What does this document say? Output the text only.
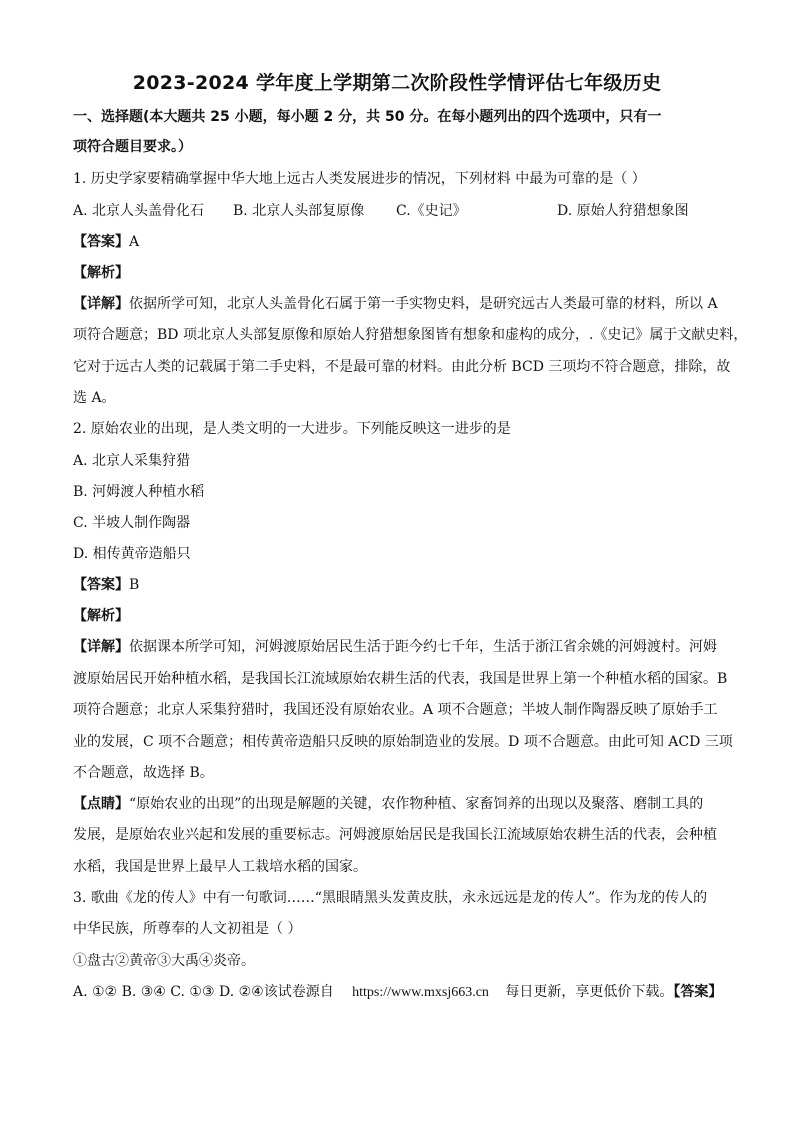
2023-2024 学年度上学期第二次阶段性学情评估七年级历史
一、选择题(本大题共 25 小题，每小题 2 分，共 50 分。在每小题列出的四个选项中，只有一
项符合题目要求。）
1. 历史学家要精确掌握中华大地上远古人类发展进步的情况，下列材料 中最为可靠的是（ ）
A. 北京人头盖骨化石 B. 北京人头部复原像 C.《史记》	D. 原始人狩猎想象图
【答案】A
【解析】
【详解】依据所学可知，北京人头盖骨化石属于第一手实物史料，是研究远古人类最可靠的材料，所以 A
项符合题意；BD 项北京人头部复原像和原始人狩猎想象图皆有想象和虚构的成分，.《史记》属于文献史料，
它对于远古人类的记载属于第二手史料，不是最可靠的材料。由此分析 BCD 三项均不符合题意，排除，故
选 A。
2. 原始农业的出现，是人类文明的一大进步。下列能反映这一进步的是
A. 北京人采集狩猎
B. 河姆渡人种植水稻
C. 半坡人制作陶器
D. 相传黄帝造船只
【答案】B
【解析】
【详解】依据课本所学可知，河姆渡原始居民生活于距今约七千年，生活于浙江省余姚的河姆渡村。河姆
渡原始居民开始种植水稻，是我国长江流域原始农耕生活的代表，我国是世界上第一个种植水稻的国家。B
项符合题意；北京人采集狩猎时，我国还没有原始农业。A 项不合题意；半坡人制作陶器反映了原始手工
业的发展，C 项不合题意；相传黄帝造船只反映的原始制造业的发展。D 项不合题意。由此可知 ACD 三项
不合题意，故选择 B。
【点睛】“原始农业的出现”的出现是解题的关键，农作物种植、家畜饲养的出现以及聚落、磨制工具的
发展，是原始农业兴起和发展的重要标志。河姆渡原始居民是我国长江流域原始农耕生活的代表，会种植
水稻，我国是世界上最早人工栽培水稻的国家。
3. 歌曲《龙的传人》中有一句歌词……“黑眼睛黑头发黄皮肤，永永远远是龙的传人”。作为龙的传人的
中华民族，所尊奉的人文初祖是（ ）
①盘古②黄帝③大禹④炎帝。
A. ①② B. ③④ C. ①③ D. ②④该试卷源自 https://www.mxsj663.cn 每日更新，享更低价下载。【答案】
